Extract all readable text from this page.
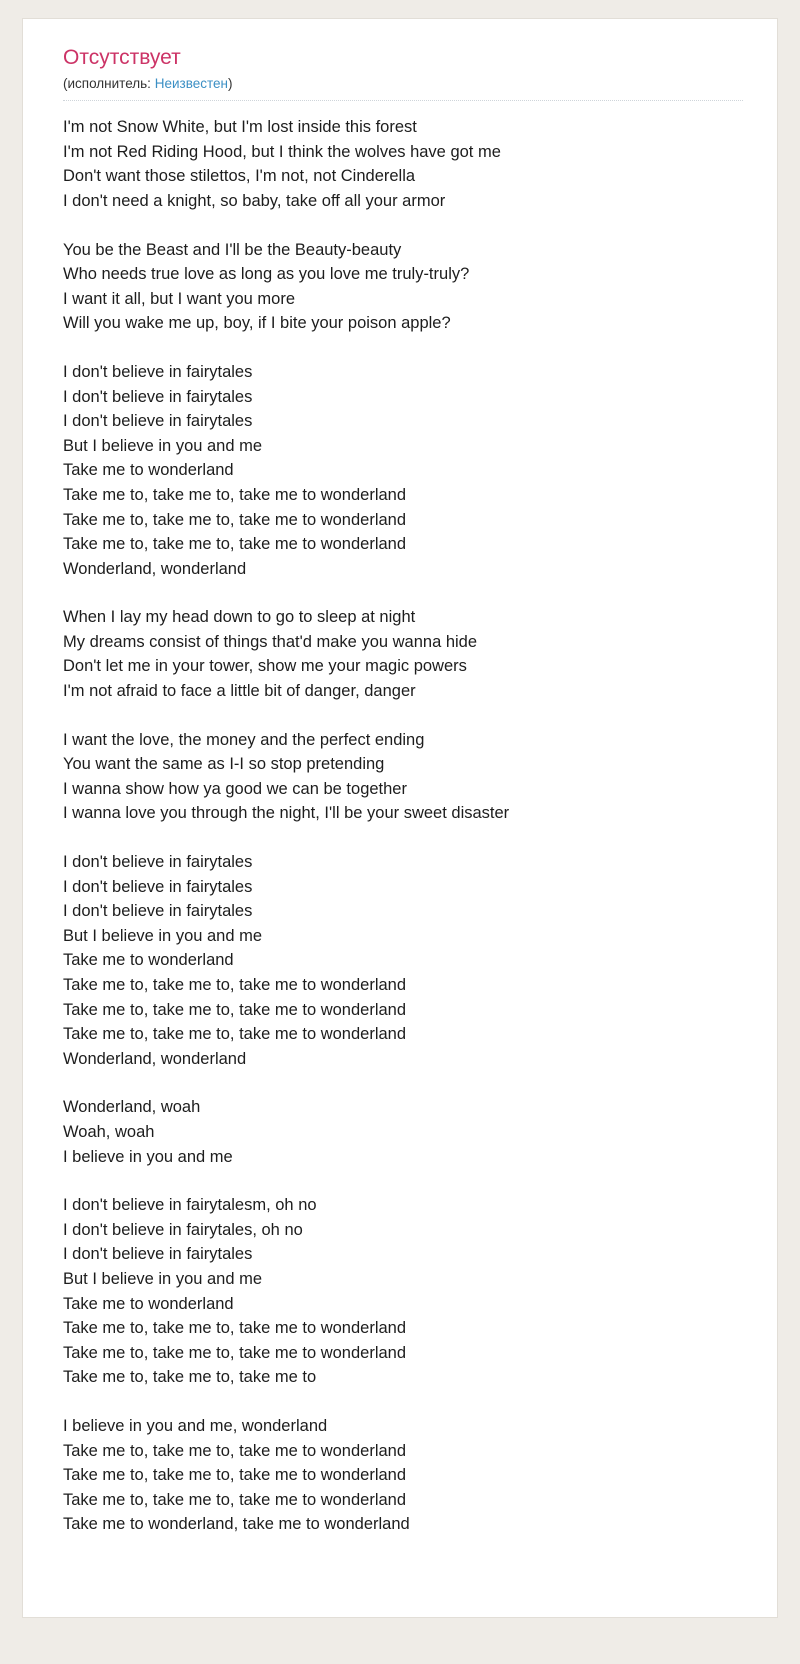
Отсутствует
(исполнитель: Неизвестен)

I'm not Snow White, but I'm lost inside this forest
I'm not Red Riding Hood, but I think the wolves have got me
Don't want those stilettos, I'm not, not Cinderella
I don't need a knight, so baby, take off all your armor

You be the Beast and I'll be the Beauty-beauty
Who needs true love as long as you love me truly-truly?
I want it all, but I want you more
Will you wake me up, boy, if I bite your poison apple?

I don't believe in fairytales
I don't believe in fairytales
I don't believe in fairytales
But I believe in you and me
Take me to wonderland
Take me to, take me to, take me to wonderland
Take me to, take me to, take me to wonderland
Take me to, take me to, take me to wonderland
Wonderland, wonderland

When I lay my head down to go to sleep at night
My dreams consist of things that'd make you wanna hide
Don't let me in your tower, show me your magic powers
I'm not afraid to face a little bit of danger, danger

I want the love, the money and the perfect ending
You want the same as I-I so stop pretending
I wanna show how ya good we can be together
I wanna love you through the night, I'll be your sweet disaster

I don't believe in fairytales
I don't believe in fairytales
I don't believe in fairytales
But I believe in you and me
Take me to wonderland
Take me to, take me to, take me to wonderland
Take me to, take me to, take me to wonderland
Take me to, take me to, take me to wonderland
Wonderland, wonderland

Wonderland, woah
Woah, woah
I believe in you and me

I don't believe in fairytalesm, oh no
I don't believe in fairytales, oh no
I don't believe in fairytales
But I believe in you and me
Take me to wonderland
Take me to, take me to, take me to wonderland
Take me to, take me to, take me to wonderland
Take me to, take me to, take me to

I believe in you and me, wonderland
Take me to, take me to, take me to wonderland
Take me to, take me to, take me to wonderland
Take me to, take me to, take me to wonderland
Take me to wonderland, take me to wonderland
